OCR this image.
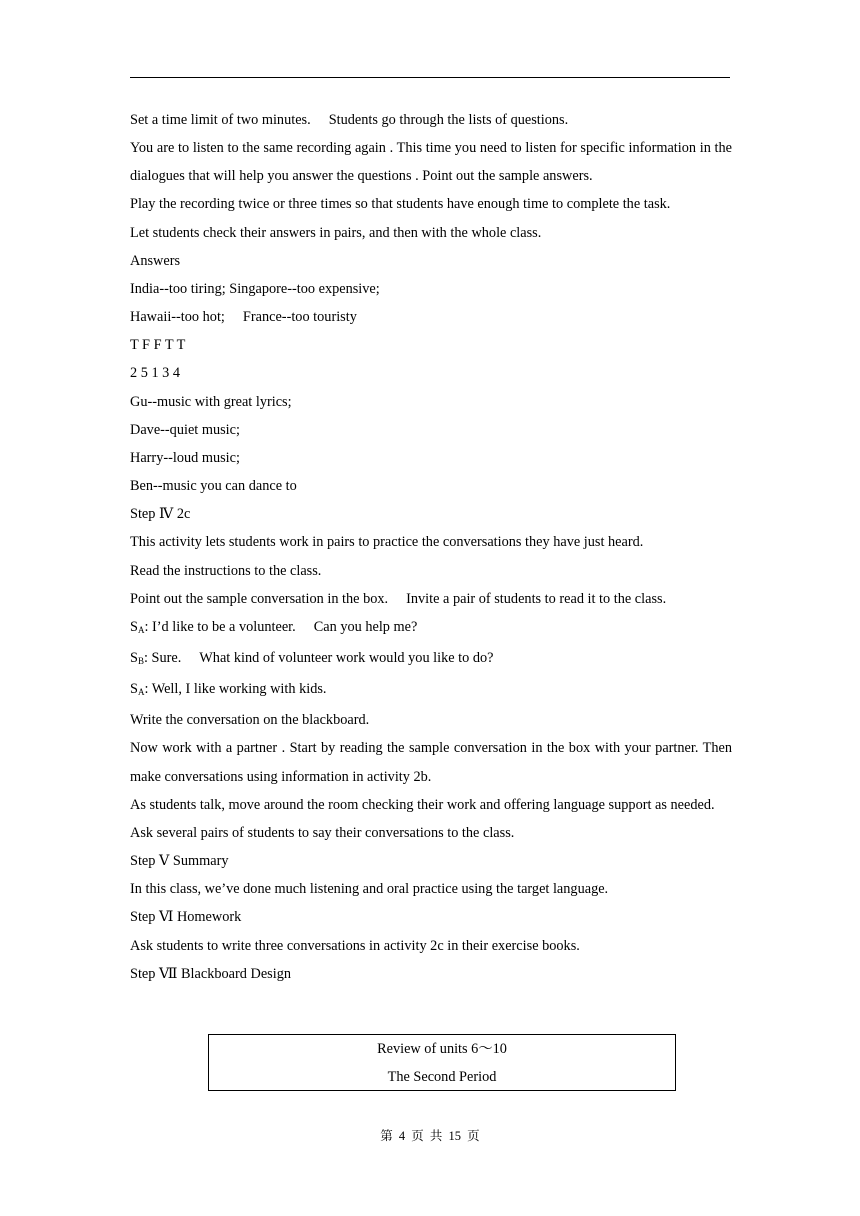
Set a time limit of two minutes. Students go through the lists of questions.

You are to listen to the same recording again . This time you need to listen for specific information in the dialogues that will help you answer the questions . Point out the sample answers.

Play the recording twice or three times so that students have enough time to complete the task.

Let students check their answers in pairs, and then with the whole class.

Answers

India--too tiring; Singapore--too expensive;

Hawaii--too hot; France--too touristy

T F F T T

2 5 1 3 4

Gu--music with great lyrics;

Dave--quiet music;

Harry--loud music;

Ben--music you can dance to

Step Ⅳ 2c

This activity lets students work in pairs to practice the conversations they have just heard.

Read the instructions to the class.

Point out the sample conversation in the box. Invite a pair of students to read it to the class.

$S_A$: I’d like to be a volunteer. Can you help me?

$S_B$: Sure. What kind of volunteer work would you like to do?

$S_A$: Well, I like working with kids.

Write the conversation on the blackboard.

Now work with a partner . Start by reading the sample conversation in the box with your partner. Then make conversations using information in activity 2b.

As students talk, move around the room checking their work and offering language support as needed.

Ask several pairs of students to say their conversations to the class.

Step Ⅴ Summary

In this class, we’ve done much listening and oral practice using the target language.

Step Ⅵ Homework

Ask students to write three conversations in activity 2c in their exercise books.

Step Ⅶ Blackboard Design

Review of units 6～10
The Second Period
第 4 页 共 15 页
